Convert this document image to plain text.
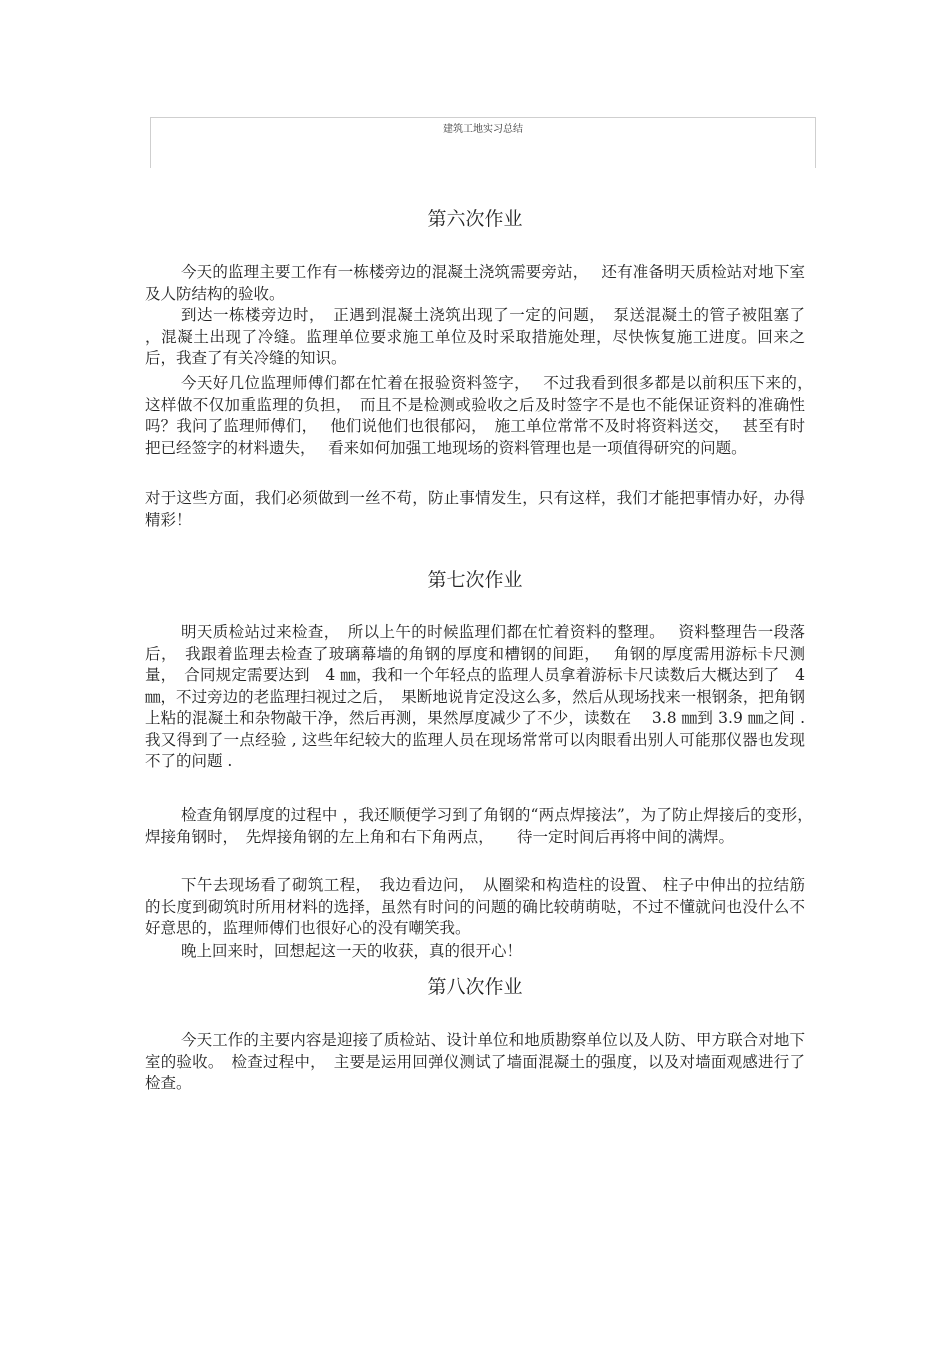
建筑工地实习总结
第六次作业

今天的监理主要工作有一栋楼旁边的混凝土浇筑需要旁站，　 还有准备明天质检站对地下室及人防结构的验收。

到达一栋楼旁边时，　正遇到混凝土浇筑出现了一定的问题，　泵送混凝土的管子被阻塞了 ，混凝土出现了冷缝。监理单位要求施工单位及时采取措施处理，尽快恢复施工进度。回来之后，我查了有关冷缝的知识。

今天好几位监理师傅们都在忙着在报验资料签字，　 不过我看到很多都是以前积压下来的，　这样做不仅加重监理的负担，　而且不是检测或验收之后及时签字不是也不能保证资料的准确性吗？我问了监理师傅们，　 他们说他们也很郁闷，　施工单位常常不及时将资料送交，　 甚至有时把已经签字的材料遗失，　 看来如何加强工地现场的资料管理也是一项值得研究的问题。

对于这些方面，我们必须做到一丝不苟，防止事情发生，只有这样，我们才能把事情办好，办得精彩！

第七次作业

明天质检站过来检查，　所以上午的时候监理们都在忙着资料的整理。　 资料整理告一段落后，　我跟着监理去检查了玻璃幕墙的角钢的厚度和槽钢的间距，　 角钢的厚度需用游标卡尺测量，　合同规定需要达到　4 ㎜，我和一个年轻点的监理人员拿着游标卡尺读数后大概达到了　4 ㎜，不过旁边的老监理扫视过之后，　果断地说肯定没这么多，然后从现场找来一根钢条，把角钢上粘的混凝土和杂物敲干净，然后再测，果然厚度减少了不少，读数在　 3.8 ㎜到 3.9 ㎜之间 . 我又得到了一点经验 , 这些年纪较大的监理人员在现场常常可以肉眼看出别人可能那仪器也发现不了的问题 .

检查角钢厚度的过程中 ，我还顺便学习到了角钢的“两点焊接法”，为了防止焊接后的变形，　焊接角钢时，　先焊接角钢的左上角和右下角两点，　　待一定时间后再将中间的满焊。

下午去现场看了砌筑工程，　我边看边问，　从圈梁和构造柱的设置、 柱子中伸出的拉结筋的长度到砌筑时所用材料的选择，虽然有时问的问题的确比较萌萌哒，不过不懂就问也没什么不好意思的，监理师傅们也很好心的没有嘲笑我。

晚上回来时，回想起这一天的收获，真的很开心！

第八次作业

今天工作的主要内容是迎接了质检站、设计单位和地质勘察单位以及人防、甲方联合对地下室的验收。　检查过程中，　主要是运用回弹仪测试了墙面混凝土的强度，以及对墙面观感进行了检查。
